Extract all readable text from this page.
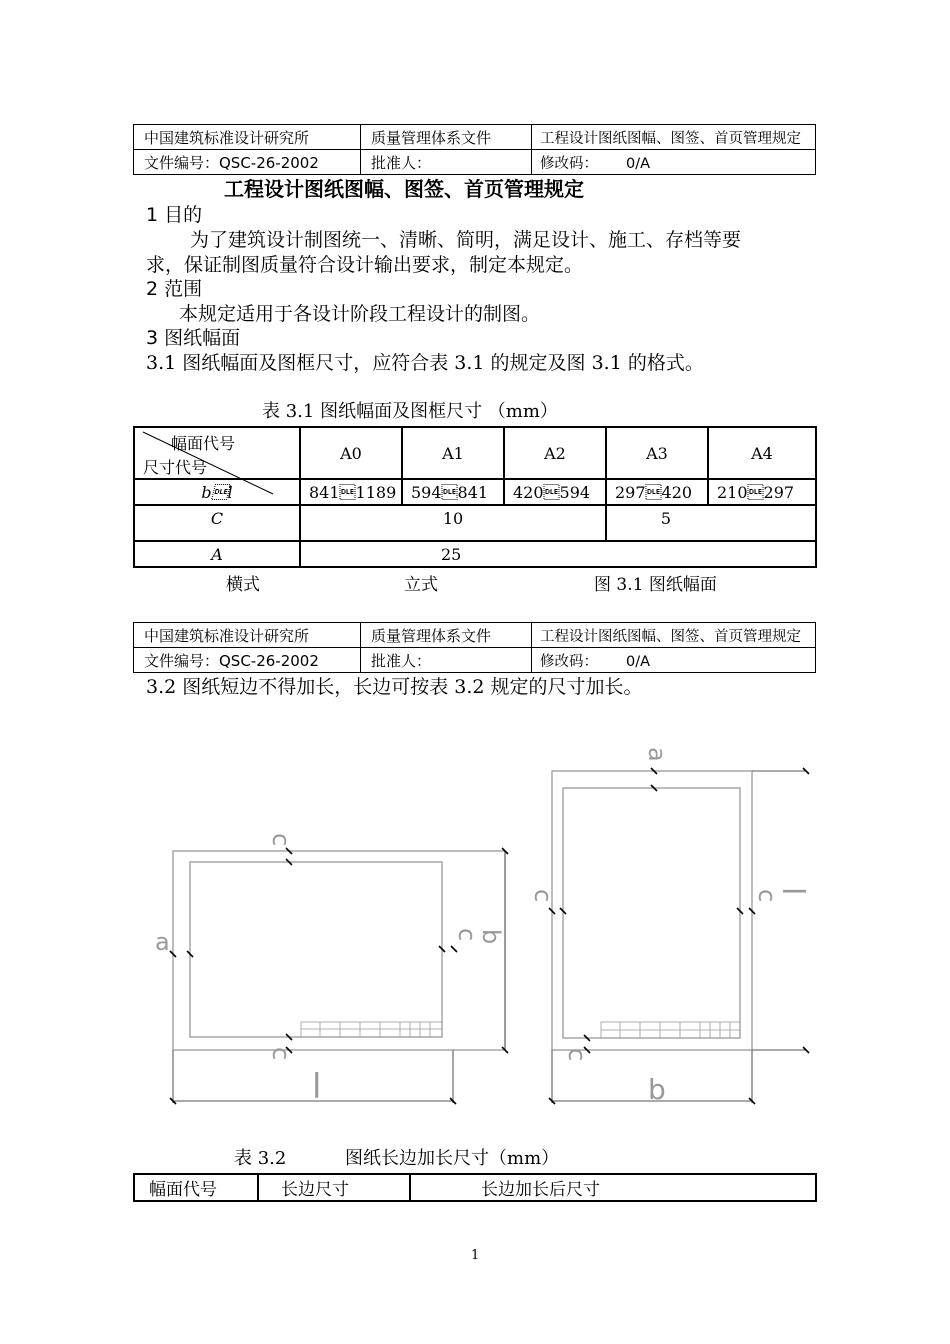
中国建筑标准设计研究所	质量管理体系文件	工程设计图纸图幅、图签、首页管理规定
文件编号：QSC-26-2002	批准人：	修改码： 0/A
工程设计图纸图幅、图签、首页管理规定
1 目的
为了建筑设计制图统一、清晰、简明，满足设计、施工、存档等要
求，保证制图质量符合设计输出要求，制定本规定。
2 范围
本规定适用于各设计阶段工程设计的制图。
3 图纸幅面
3.1 图纸幅面及图框尺寸，应符合表 3.1 的规定及图 3.1 的格式。
表 3.1 图纸幅面及图框尺寸 （mm）
幅面代号
尺寸代号	A0	A1	A2	A3	A4
bl	8411189	594841	420594	297420	210297
C	10			5	
A	25				
横式	立式	图 3.1 图纸幅面
中国建筑标准设计研究所	质量管理体系文件	工程设计图纸图幅、图签、首页管理规定
文件编号：QSC-26-2002	批准人：	修改码： 0/A
3.2 图纸短边不得加长，长边可按表 3.2 规定的尺寸加长。
a
c
c
b
c
l
a
c	c
l
c
b
表 3.2	图纸长边加长尺寸（mm）
幅面代号	长边尺寸	长边加长后尺寸
1
